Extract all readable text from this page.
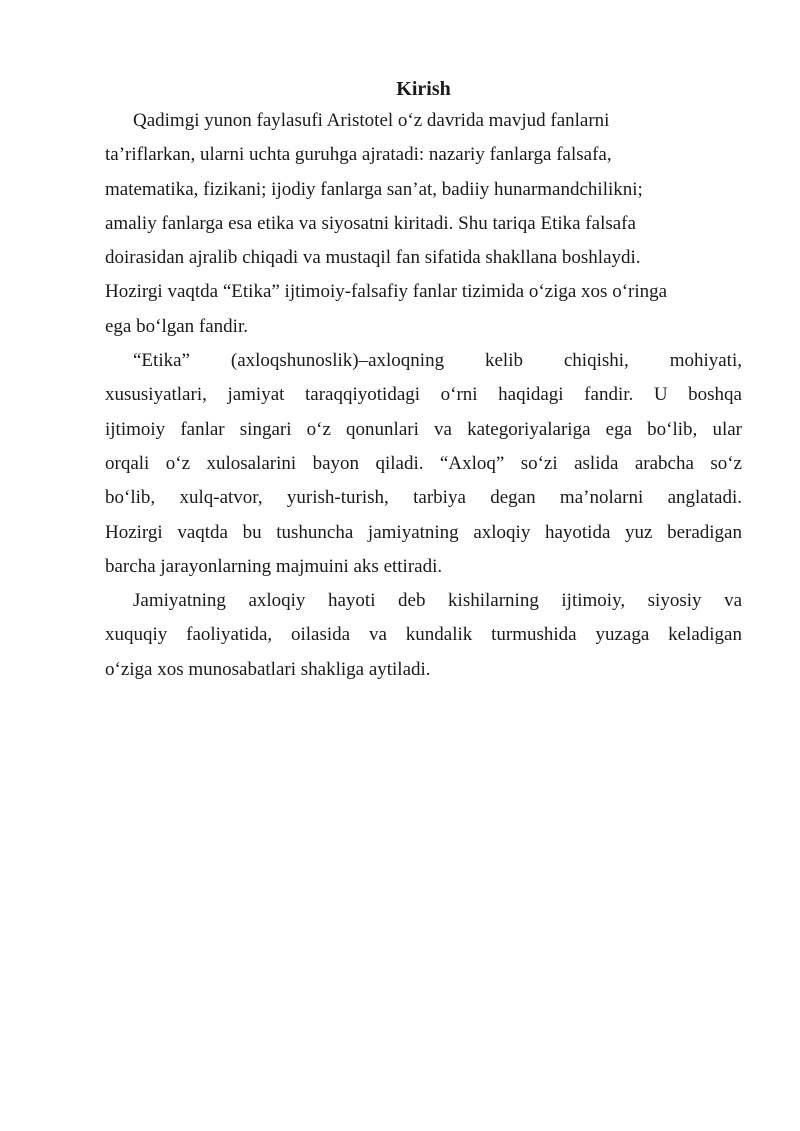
Kirish
Qadimgi yunon faylasufi Aristotel o‘z davrida mavjud fanlarni
ta’riflarkan, ularni uchta guruhga ajratadi: nazariy fanlarga falsafa,
matematika, fizikani; ijodiy fanlarga san’at, badiiy hunarmandchilikni;
amaliy fanlarga esa etika va siyosatni kiritadi. Shu tariqa Etika falsafa
doirasidan ajralib chiqadi va mustaqil fan sifatida shakllana boshlaydi.
Hozirgi vaqtda “Etika” ijtimoiy-falsafiy fanlar tizimida o‘ziga xos o‘ringa
ega bo‘lgan fandir.
“Etika” (axloqshunoslik)–axloqning kelib chiqishi, mohiyati,
xususiyatlari, jamiyat taraqqiyotidagi o‘rni haqidagi fandir. U boshqa
ijtimoiy fanlar singari o‘z qonunlari va kategoriyalariga ega bo‘lib, ular
orqali o‘z xulosalarini bayon qiladi. “Axloq” so‘zi aslida arabcha so‘z
bo‘lib, xulq-atvor, yurish-turish, tarbiya degan ma’nolarni anglatadi.
Hozirgi vaqtda bu tushuncha jamiyatning axloqiy hayotida yuz beradigan
barcha jarayonlarning majmuini aks ettiradi.
Jamiyatning axloqiy hayoti deb kishilarning ijtimoiy, siyosiy va
xuquqiy faoliyatida, oilasida va kundalik turmushida yuzaga keladigan
o‘ziga xos munosabatlari shakliga aytiladi.
